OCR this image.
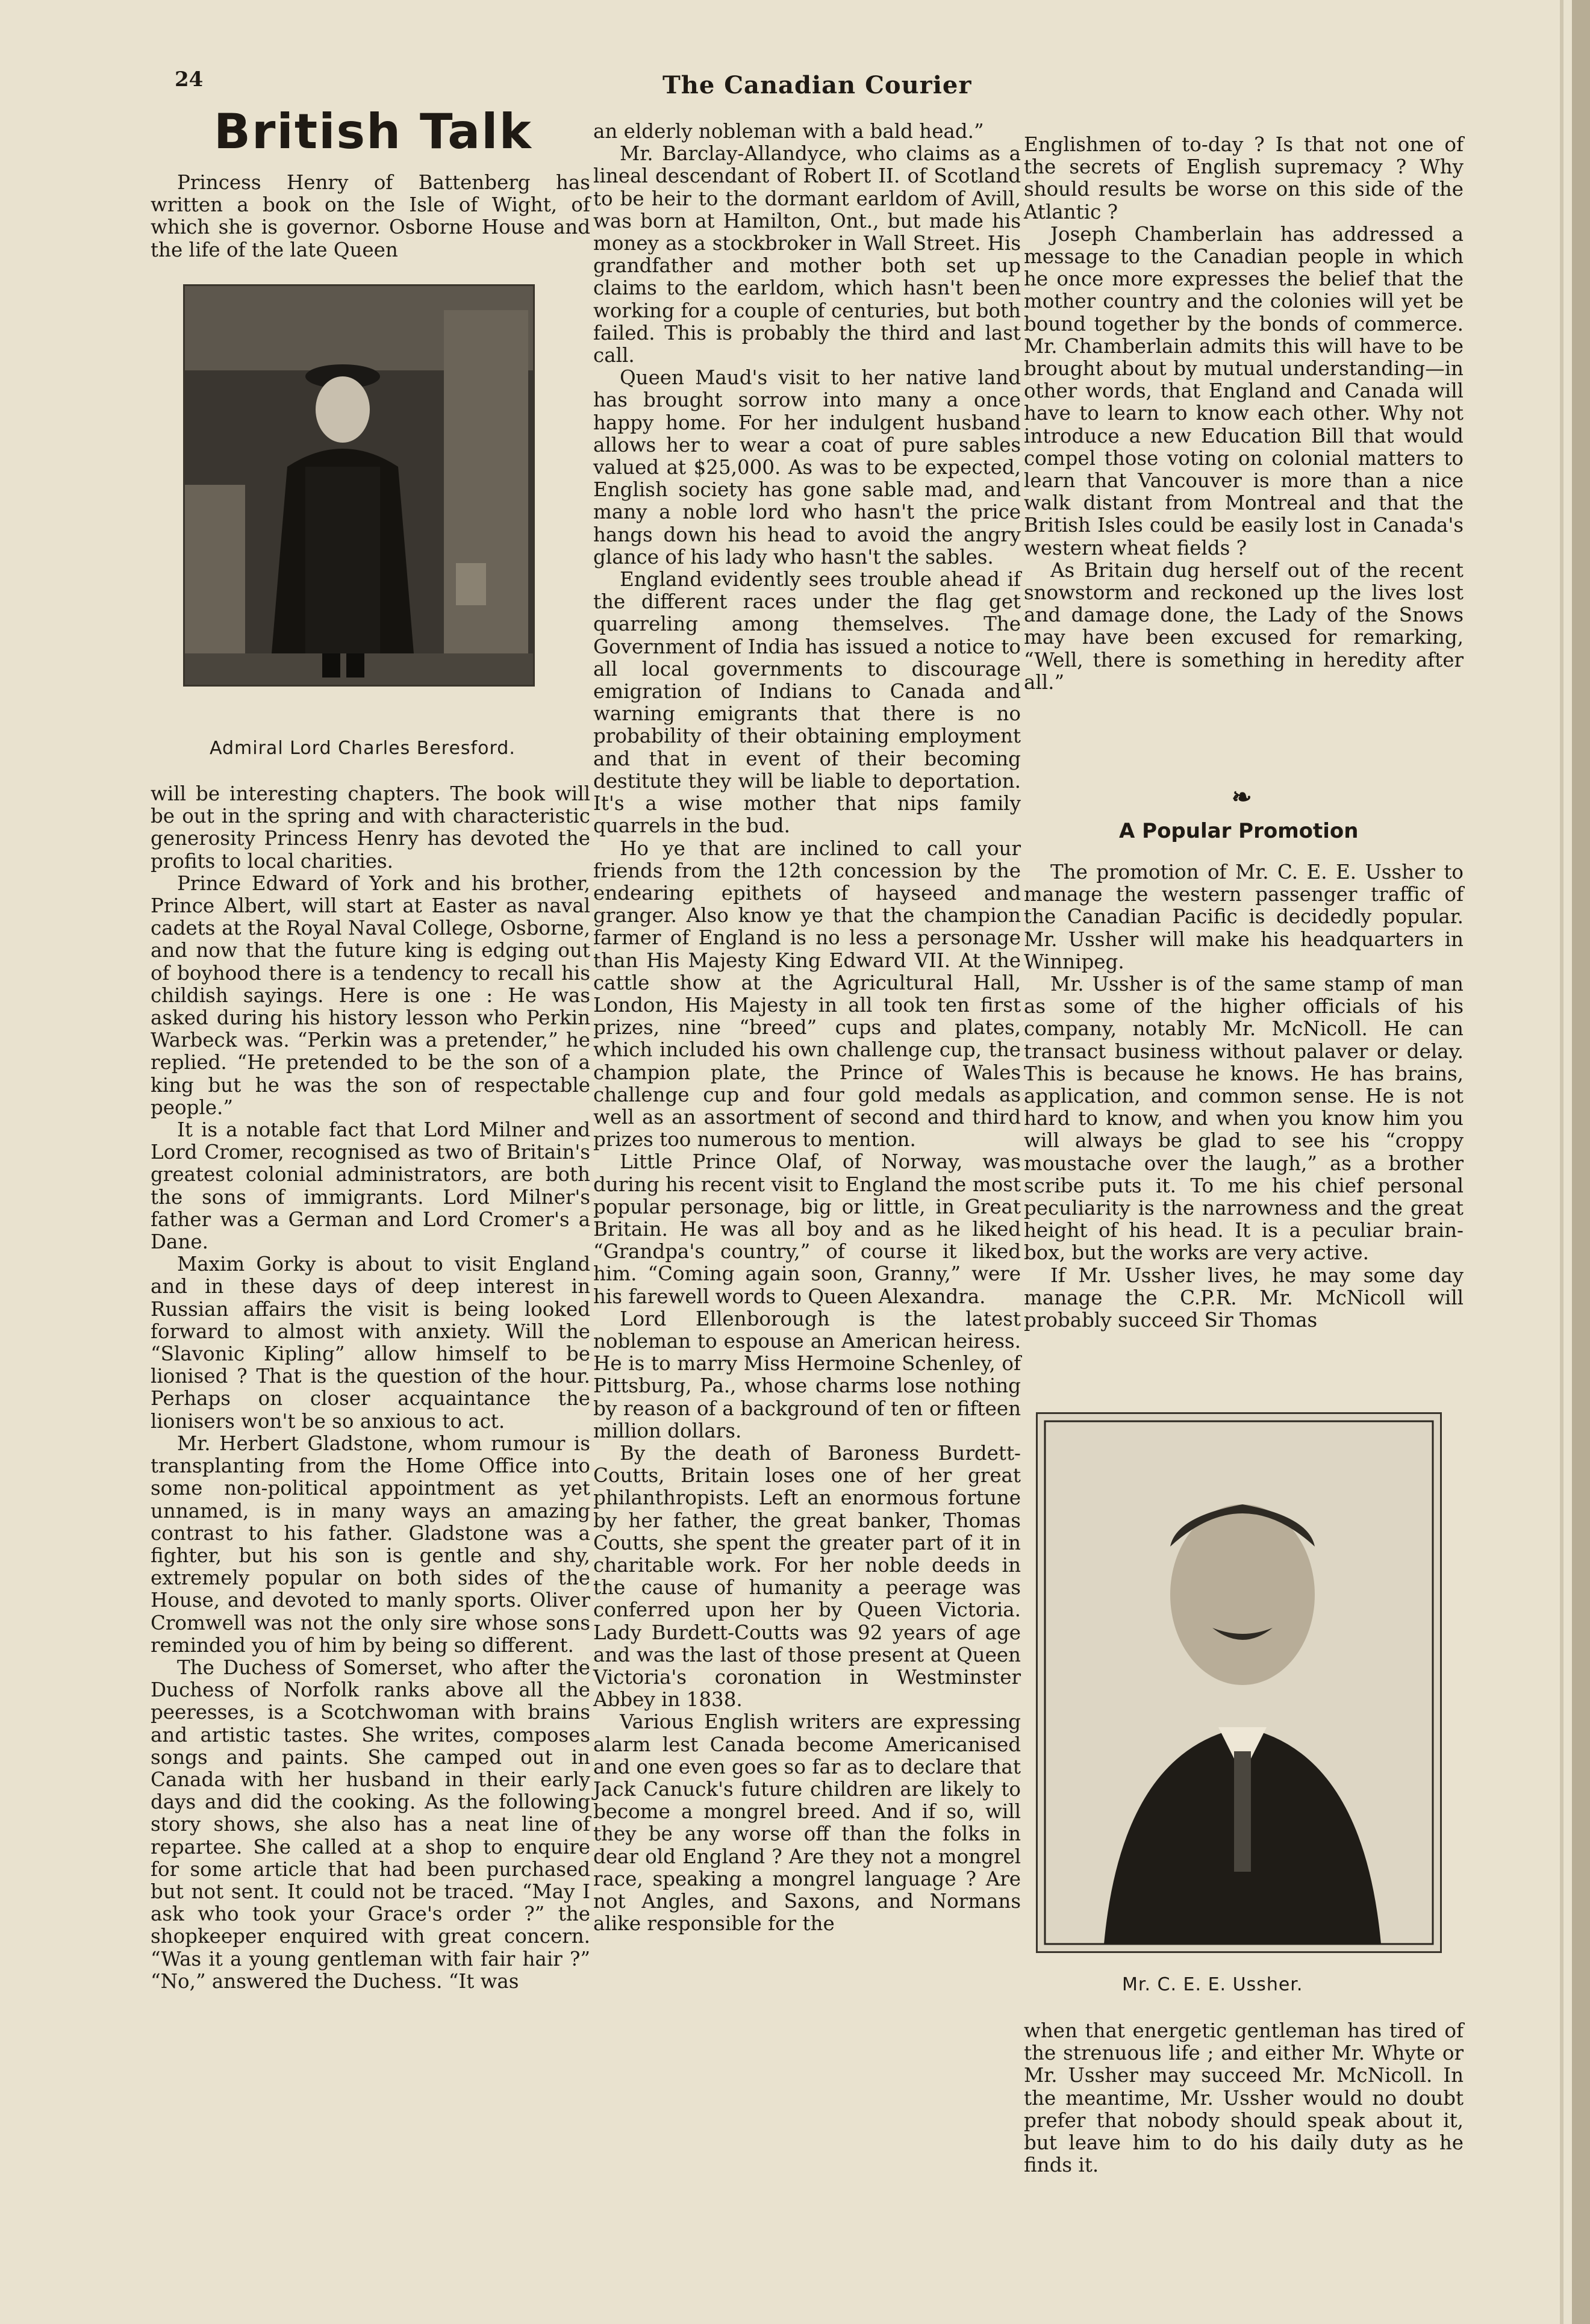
24	The Canadian Courier
British Talk

Princess Henry of Battenberg has written a book on the Isle of Wight, of which she is governor. Osborne House and the life of the late Queen

Admiral Lord Charles Beresford.

will be interesting chapters. The book will be out in the spring and with characteristic generosity Princess Henry has devoted the profits to local charities.

Prince Edward of York and his brother, Prince Albert, will start at Easter as naval cadets at the Royal Naval College, Osborne, and now that the future king is edging out of boyhood there is a tendency to recall his childish sayings. Here is one : He was asked during his history lesson who Perkin Warbeck was. “Perkin was a pretender,” he replied. “He pretended to be the son of a king but he was the son of respectable people.”

It is a notable fact that Lord Milner and Lord Cromer, recognised as two of Britain's greatest colonial administrators, are both the sons of immigrants. Lord Milner's father was a German and Lord Cromer's a Dane.

Maxim Gorky is about to visit England and in these days of deep interest in Russian affairs the visit is being looked forward to almost with anxiety. Will the “Slavonic Kipling” allow himself to be lionised ? That is the question of the hour. Perhaps on closer acquaintance the lionisers won't be so anxious to act.

Mr. Herbert Gladstone, whom rumour is transplanting from the Home Office into some non-political appointment as yet unnamed, is in many ways an amazing contrast to his father. Gladstone was a fighter, but his son is gentle and shy, extremely popular on both sides of the House, and devoted to manly sports. Oliver Cromwell was not the only sire whose sons reminded you of him by being so different.

The Duchess of Somerset, who after the Duchess of Norfolk ranks above all the peeresses, is a Scotchwoman with brains and artistic tastes. She writes, composes songs and paints. She camped out in Canada with her husband in their early days and did the cooking. As the following story shows, she also has a neat line of repartee. She called at a shop to enquire for some article that had been purchased but not sent. It could not be traced. “May I ask who took your Grace's order ?” the shopkeeper enquired with great concern. “Was it a young gentleman with fair hair ?” “No,” answered the Duchess. “It was

an elderly nobleman with a bald head.”

Mr. Barclay-Allandyce, who claims as a lineal descendant of Robert II. of Scotland to be heir to the dormant earldom of Avill, was born at Hamilton, Ont., but made his money as a stockbroker in Wall Street. His grandfather and mother both set up claims to the earldom, which hasn't been working for a couple of centuries, but both failed. This is probably the third and last call.

Queen Maud's visit to her native land has brought sorrow into many a once happy home. For her indulgent husband allows her to wear a coat of pure sables valued at $25,000. As was to be expected, English society has gone sable mad, and many a noble lord who hasn't the price hangs down his head to avoid the angry glance of his lady who hasn't the sables.

England evidently sees trouble ahead if the different races under the flag get quarreling among themselves. The Government of India has issued a notice to all local governments to discourage emigration of Indians to Canada and warning emigrants that there is no probability of their obtaining employment and that in event of their becoming destitute they will be liable to deportation. It's a wise mother that nips family quarrels in the bud.

Ho ye that are inclined to call your friends from the 12th concession by the endearing epithets of hayseed and granger. Also know ye that the champion farmer of England is no less a personage than His Majesty King Edward VII. At the cattle show at the Agricultural Hall, London, His Majesty in all took ten first prizes, nine “breed” cups and plates, which included his own challenge cup, the champion plate, the Prince of Wales challenge cup and four gold medals as well as an assortment of second and third prizes too numerous to mention.

Little Prince Olaf, of Norway, was during his recent visit to England the most popular personage, big or little, in Great Britain. He was all boy and as he liked “Grandpa's country,” of course it liked him. “Coming again soon, Granny,” were his farewell words to Queen Alexandra.

Lord Ellenborough is the latest nobleman to espouse an American heiress. He is to marry Miss Hermoine Schenley, of Pittsburg, Pa., whose charms lose nothing by reason of a background of ten or fifteen million dollars.

By the death of Baroness Burdett-Coutts, Britain loses one of her great philanthropists. Left an enormous fortune by her father, the great banker, Thomas Coutts, she spent the greater part of it in charitable work. For her noble deeds in the cause of humanity a peerage was conferred upon her by Queen Victoria. Lady Burdett-Coutts was 92 years of age and was the last of those present at Queen Victoria's coronation in Westminster Abbey in 1838.

Various English writers are expressing alarm lest Canada become Americanised and one even goes so far as to declare that Jack Canuck's future children are likely to become a mongrel breed. And if so, will they be any worse off than the folks in dear old England ? Are they not a mongrel race, speaking a mongrel language ? Are not Angles, and Saxons, and Normans alike responsible for the

Englishmen of to-day ? Is that not one of the secrets of English supremacy ? Why should results be worse on this side of the Atlantic ?

Joseph Chamberlain has addressed a message to the Canadian people in which he once more expresses the belief that the mother country and the colonies will yet be bound together by the bonds of commerce. Mr. Chamberlain admits this will have to be brought about by mutual understanding—in other words, that England and Canada will have to learn to know each other. Why not introduce a new Education Bill that would compel those voting on colonial matters to learn that Vancouver is more than a nice walk distant from Montreal and that the British Isles could be easily lost in Canada's western wheat fields ?

As Britain dug herself out of the recent snowstorm and reckoned up the lives lost and damage done, the Lady of the Snows may have been excused for remarking, “Well, there is something in heredity after all.”

❧
A Popular Promotion

The promotion of Mr. C. E. E. Ussher to manage the western passenger traffic of the Canadian Pacific is decidedly popular. Mr. Ussher will make his headquarters in Winnipeg.

Mr. Ussher is of the same stamp of man as some of the higher officials of his company, notably Mr. McNicoll. He can transact business without palaver or delay. This is because he knows. He has brains, application, and common sense. He is not hard to know, and when you know him you will always be glad to see his “croppy moustache over the laugh,” as a brother scribe puts it. To me his chief personal peculiarity is the narrowness and the great height of his head. It is a peculiar brain-box, but the works are very active.

If Mr. Ussher lives, he may some day manage the C.P.R. Mr. McNicoll will probably succeed Sir Thomas

Mr. C. E. E. Ussher.

when that energetic gentleman has tired of the strenuous life ; and either Mr. Whyte or Mr. Ussher may succeed Mr. McNicoll. In the meantime, Mr. Ussher would no doubt prefer that nobody should speak about it, but leave him to do his daily duty as he finds it.
